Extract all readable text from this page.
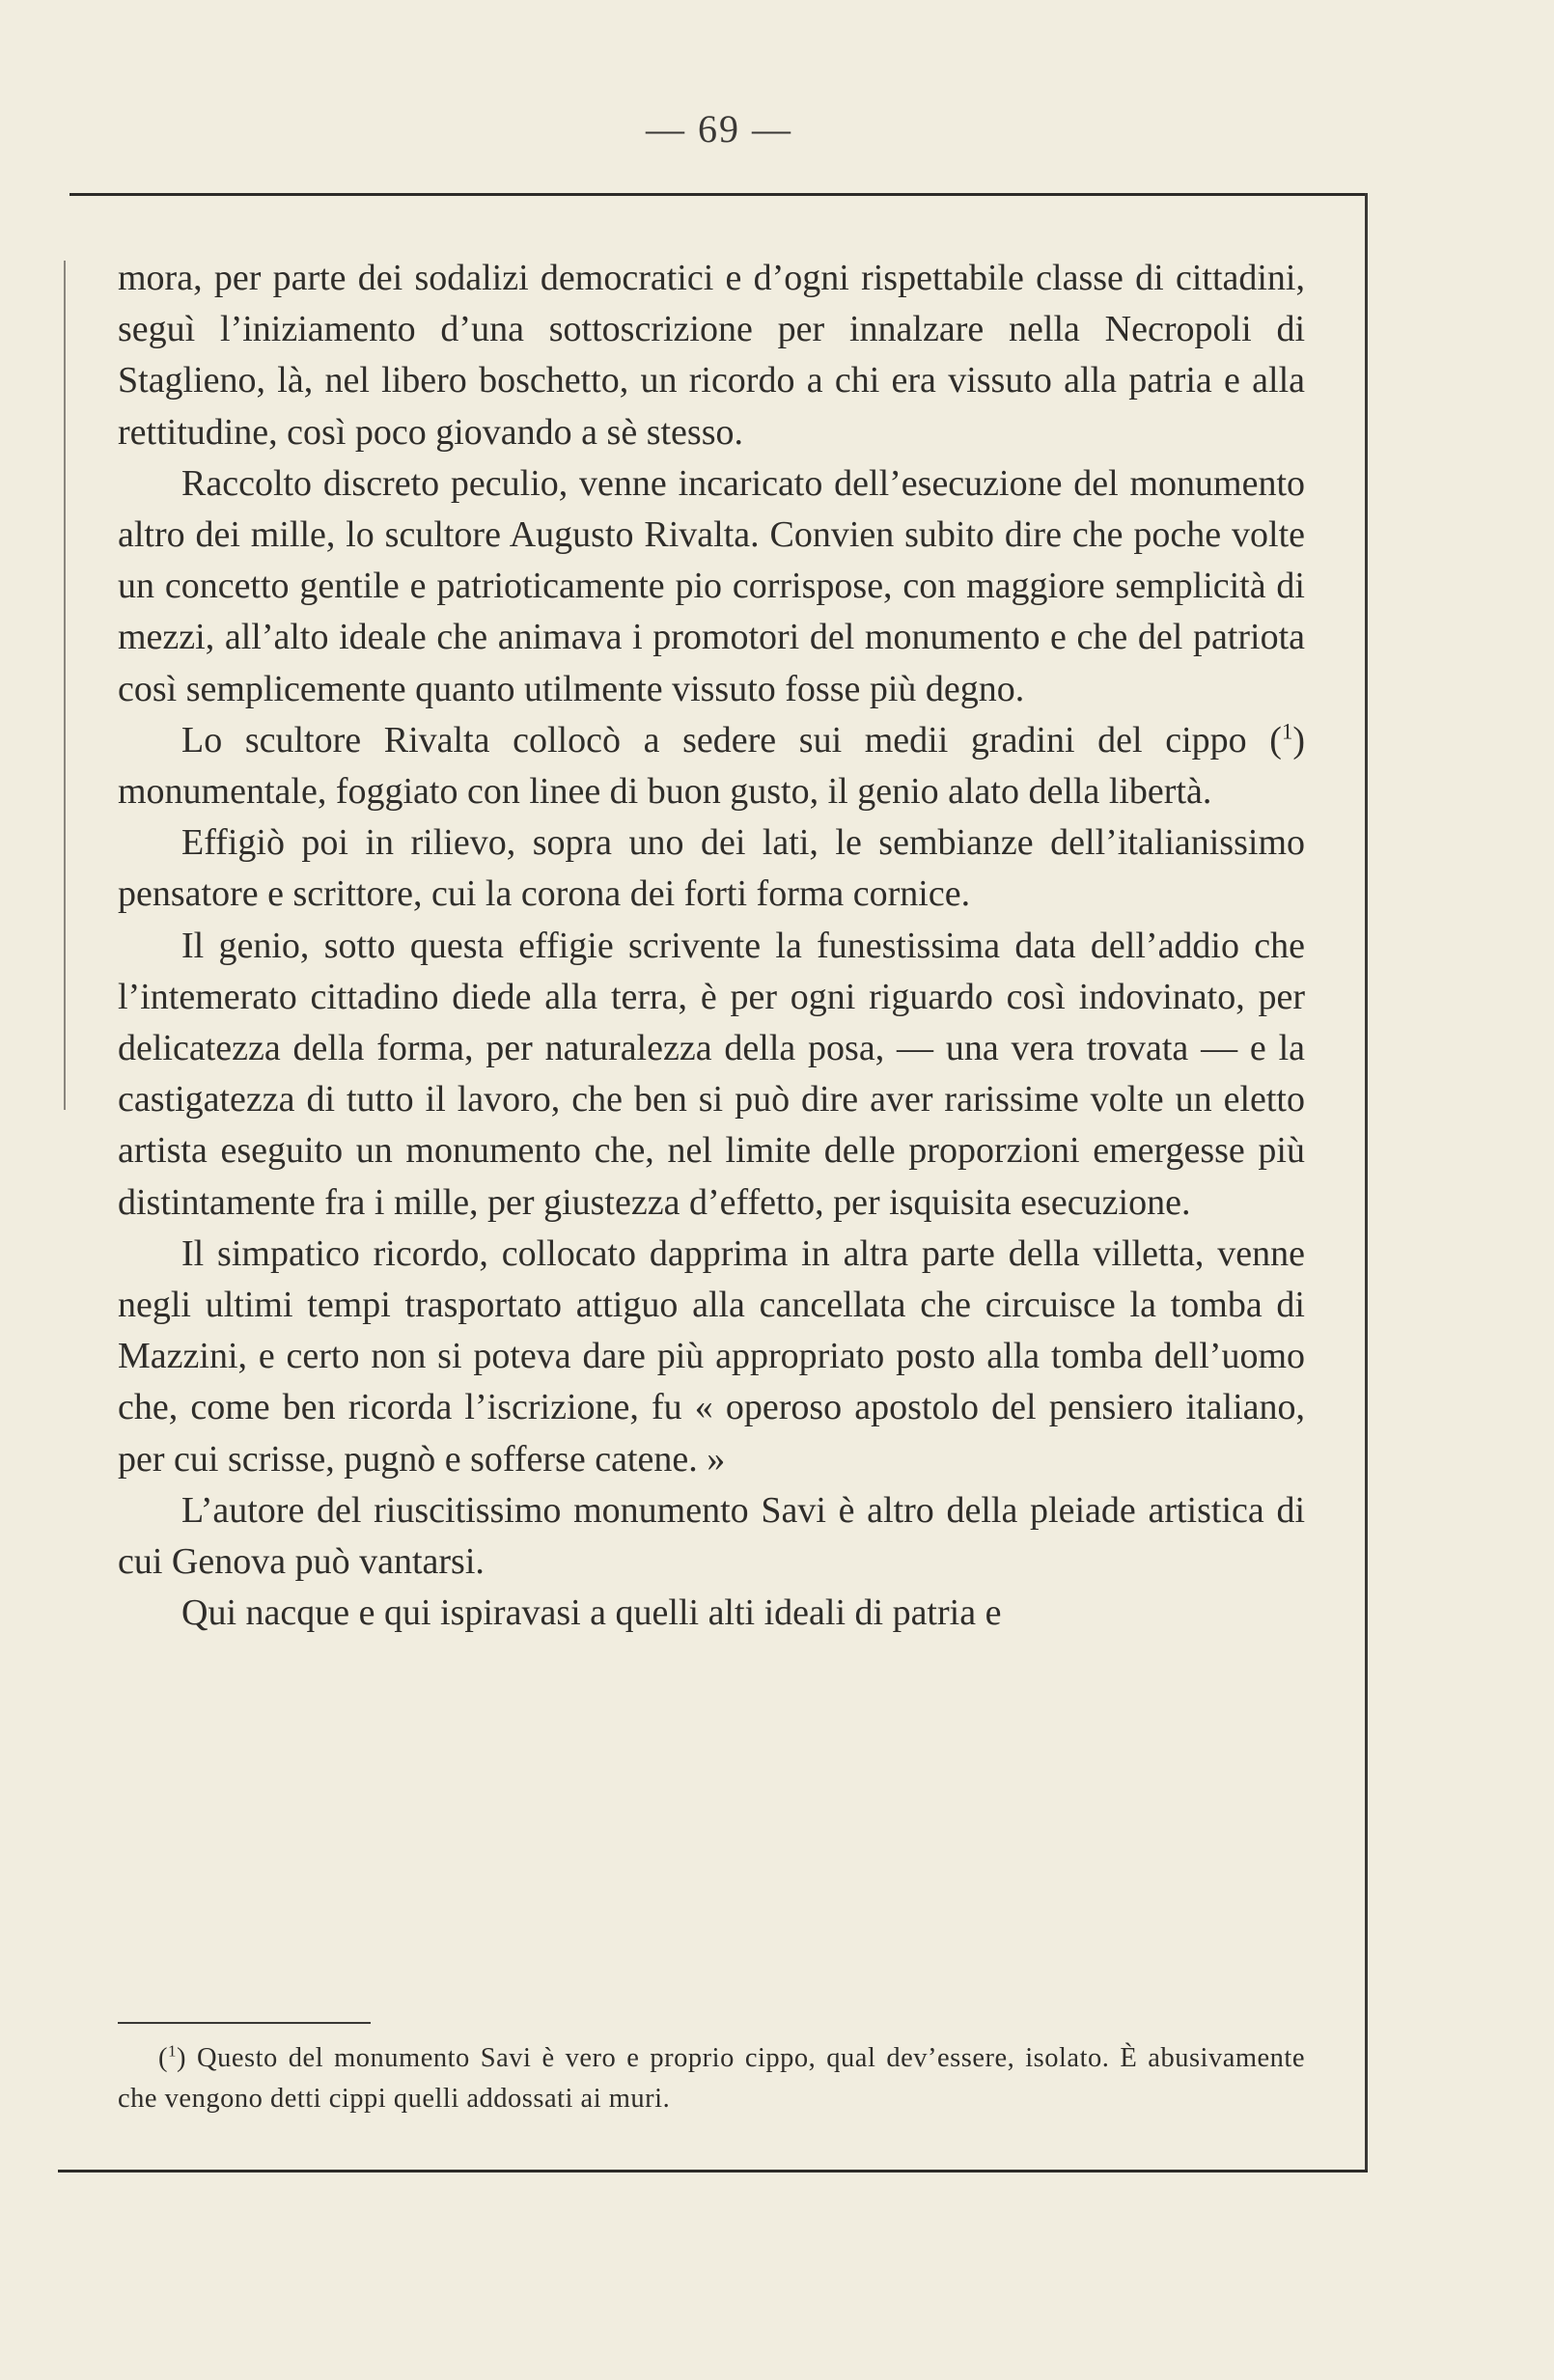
— 69 —

mora, per parte dei sodalizi democratici e d’ogni rispettabile classe di cittadini, seguì l’iniziamento d’una sottoscrizione per innalzare nella Necropoli di Staglieno, là, nel libero boschetto, un ricordo a chi era vissuto alla patria e alla rettitudine, così poco giovando a sè stesso.

Raccolto discreto peculio, venne incaricato dell’esecuzione del monumento altro dei mille, lo scultore Augusto Rivalta. Convien subito dire che poche volte un concetto gentile e patrioticamente pio corrispose, con maggiore semplicità di mezzi, all’alto ideale che animava i promotori del monumento e che del patriota così semplicemente quanto utilmente vissuto fosse più degno.

Lo scultore Rivalta collocò a sedere sui medii gradini del cippo ($^1$) monumentale, foggiato con linee di buon gusto, il genio alato della libertà.

Effigiò poi in rilievo, sopra uno dei lati, le sembianze dell’italianissimo pensatore e scrittore, cui la corona dei forti forma cornice.

Il genio, sotto questa effigie scrivente la funestissima data dell’addio che l’intemerato cittadino diede alla terra, è per ogni riguardo così indovinato, per delicatezza della forma, per naturalezza della posa, — una vera trovata — e la castigatezza di tutto il lavoro, che ben si può dire aver rarissime volte un eletto artista eseguito un monumento che, nel limite delle proporzioni emergesse più distintamente fra i mille, per giustezza d’effetto, per isquisita esecuzione.

Il simpatico ricordo, collocato dapprima in altra parte della villetta, venne negli ultimi tempi trasportato attiguo alla cancellata che circuisce la tomba di Mazzini, e certo non si poteva dare più appropriato posto alla tomba dell’uomo che, come ben ricorda l’iscrizione, fu « operoso apostolo del pensiero italiano, per cui scrisse, pugnò e sofferse catene. »

L’autore del riuscitissimo monumento Savi è altro della pleiade artistica di cui Genova può vantarsi.

Qui nacque e qui ispiravasi a quelli alti ideali di patria e

($^1$) Questo del monumento Savi è vero e proprio cippo, qual dev’essere, isolato. È abusivamente che vengono detti cippi quelli addossati ai muri.
